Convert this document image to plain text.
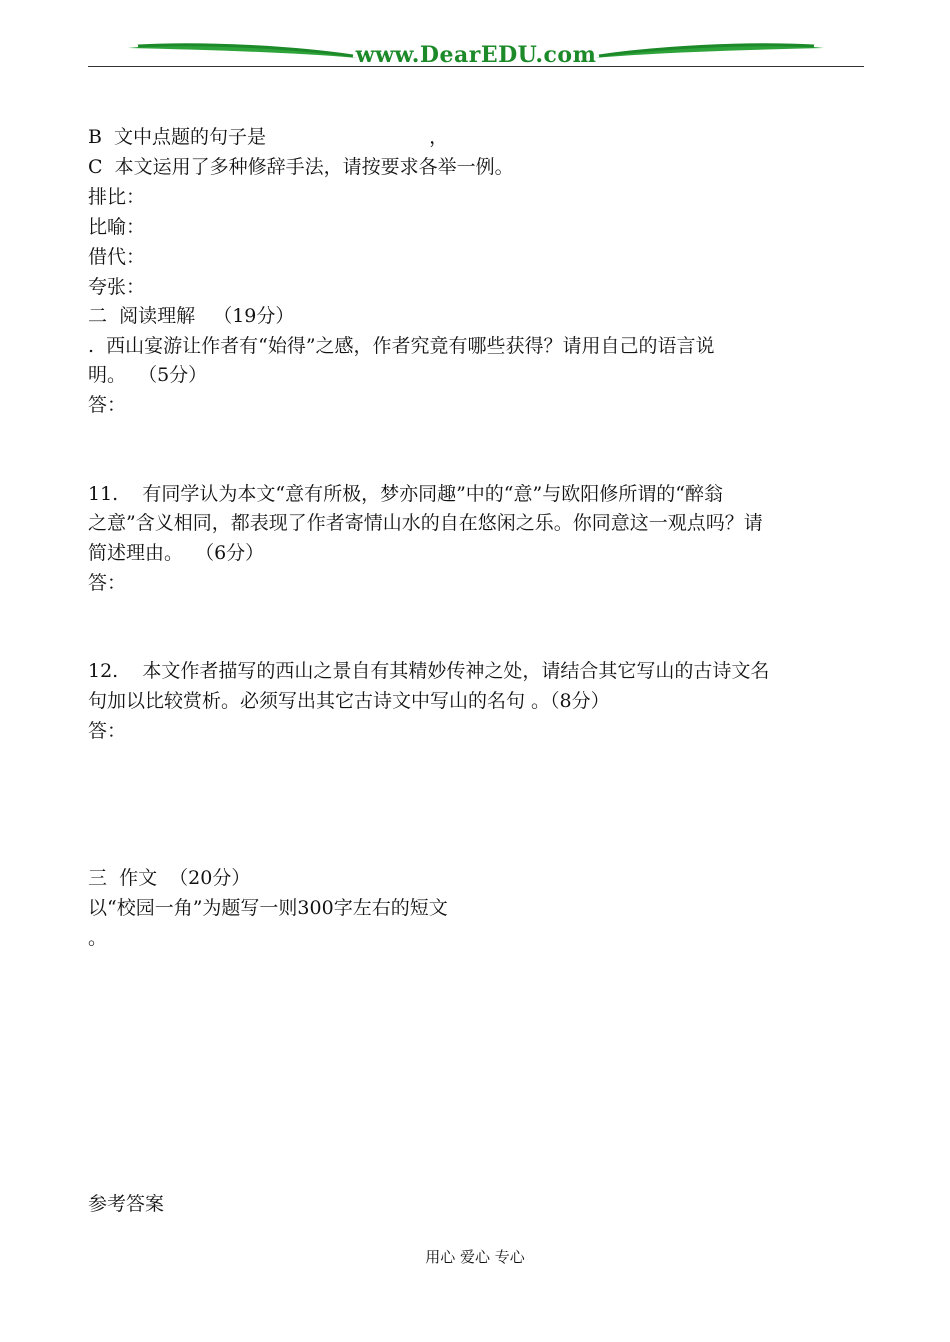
www.DearEDU.com
B  文中点题的句子是                           ，
C  本文运用了多种修辞手法，请按要求各举一例。
排比：
比喻：
借代：
夸张：
二  阅读理解   （19分）
.  西山宴游让作者有“始得”之感，作者究竟有哪些获得？请用自己的语言说
明。  （5分）
答：
11.    有同学认为本文“意有所极，梦亦同趣”中的“意”与欧阳修所谓的“醉翁
之意”含义相同，都表现了作者寄情山水的自在悠闲之乐。你同意这一观点吗？请
简述理由。  （6分）
答：
12.    本文作者描写的西山之景自有其精妙传神之处，请结合其它写山的古诗文名
句加以比较赏析。必须写出其它古诗文中写山的名句 。（8分）
答：
三  作文  （20分）
以“校园一角”为题写一则300字左右的短文
。
参考答案
用心 爱心 专心
